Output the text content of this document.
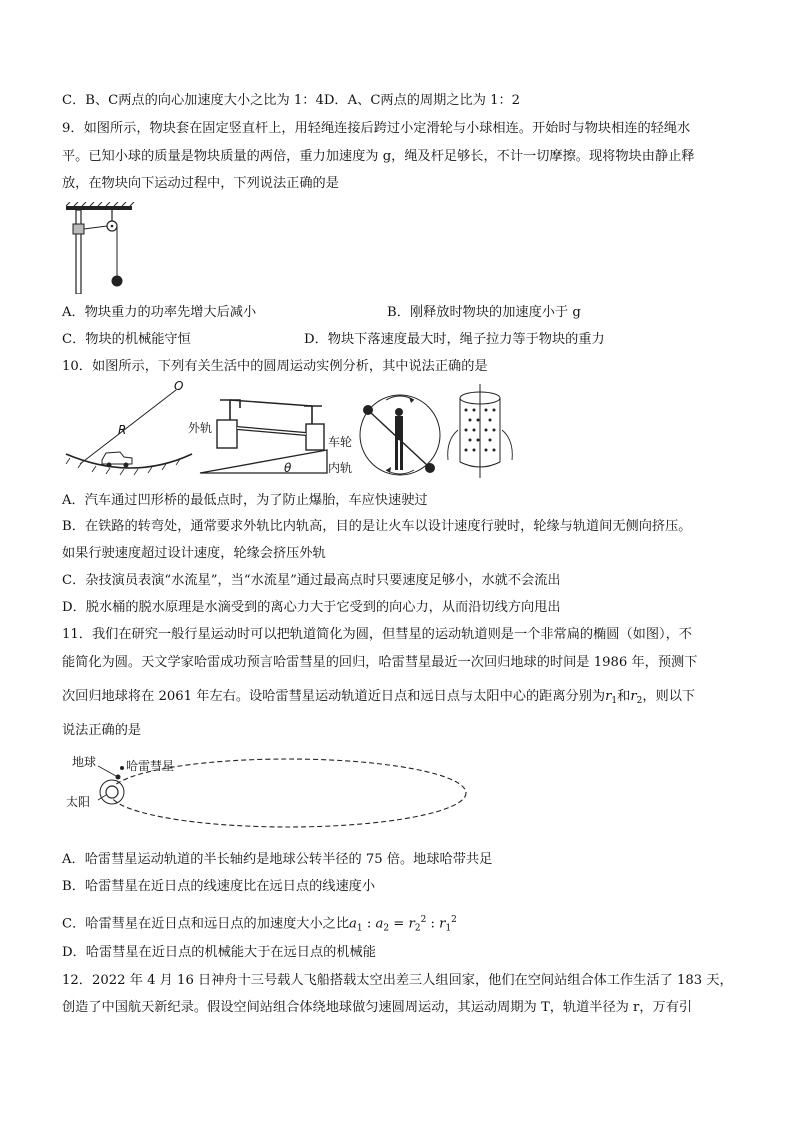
C．B、C两点的向心加速度大小之比为 1：4D．A、C两点的周期之比为 1：2
9．如图所示，物块套在固定竖直杆上，用轻绳连接后跨过小定滑轮与小球相连。开始时与物块相连的轻绳水
平。已知小球的质量是物块质量的两倍，重力加速度为 g，绳及杆足够长，不计一切摩擦。现将物块由静止释
放，在物块向下运动过程中，下列说法正确的是
A．物块重力的功率先增大后减小	B．刚释放时物块的加速度小于 g
C．物块的机械能守恒	D．物块下落速度最大时，绳子拉力等于物块的重力
10．如图所示，下列有关生活中的圆周运动实例分析，其中说法正确的是
O
R	外轨
车轮
θ	内轨
A．汽车通过凹形桥的最低点时，为了防止爆胎，车应快速驶过
B．在铁路的转弯处，通常要求外轨比内轨高，目的是让火车以设计速度行驶时，轮缘与轨道间无侧向挤压。
如果行驶速度超过设计速度，轮缘会挤压外轨
C．杂技演员表演“水流星”，当“水流星”通过最高点时只要速度足够小，水就不会流出
D．脱水桶的脱水原理是水滴受到的离心力大于它受到的向心力，从而沿切线方向甩出
11．我们在研究一般行星运动时可以把轨道简化为圆，但彗星的运动轨道则是一个非常扁的椭圆（如图），不
能简化为圆。天文学家哈雷成功预言哈雷彗星的回归，哈雷彗星最近一次回归地球的时间是 1986 年，预测下
次回归地球将在 2061 年左右。设哈雷彗星运动轨道近日点和远日点与太阳中心的距离分别为$r_1$和$r_2$，则以下
说法正确的是
地球 哈雷彗星
太阳
A．哈雷彗星运动轨道的半长轴约是地球公转半径的 75 倍。地球哈带共足
B．哈雷彗星在近日点的线速度比在远日点的线速度小
C．哈雷彗星在近日点和远日点的加速度大小之比$a_1$ : $a_2 = r_2^2$ : $r_1^2$
D．哈雷彗星在近日点的机械能大于在远日点的机械能
12．2022 年 4 月 16 日神舟十三号载人飞船搭载太空出差三人组回家，他们在空间站组合体工作生活了 183 天，
创造了中国航天新纪录。假设空间站组合体绕地球做匀速圆周运动，其运动周期为 T，轨道半径为 r，万有引
